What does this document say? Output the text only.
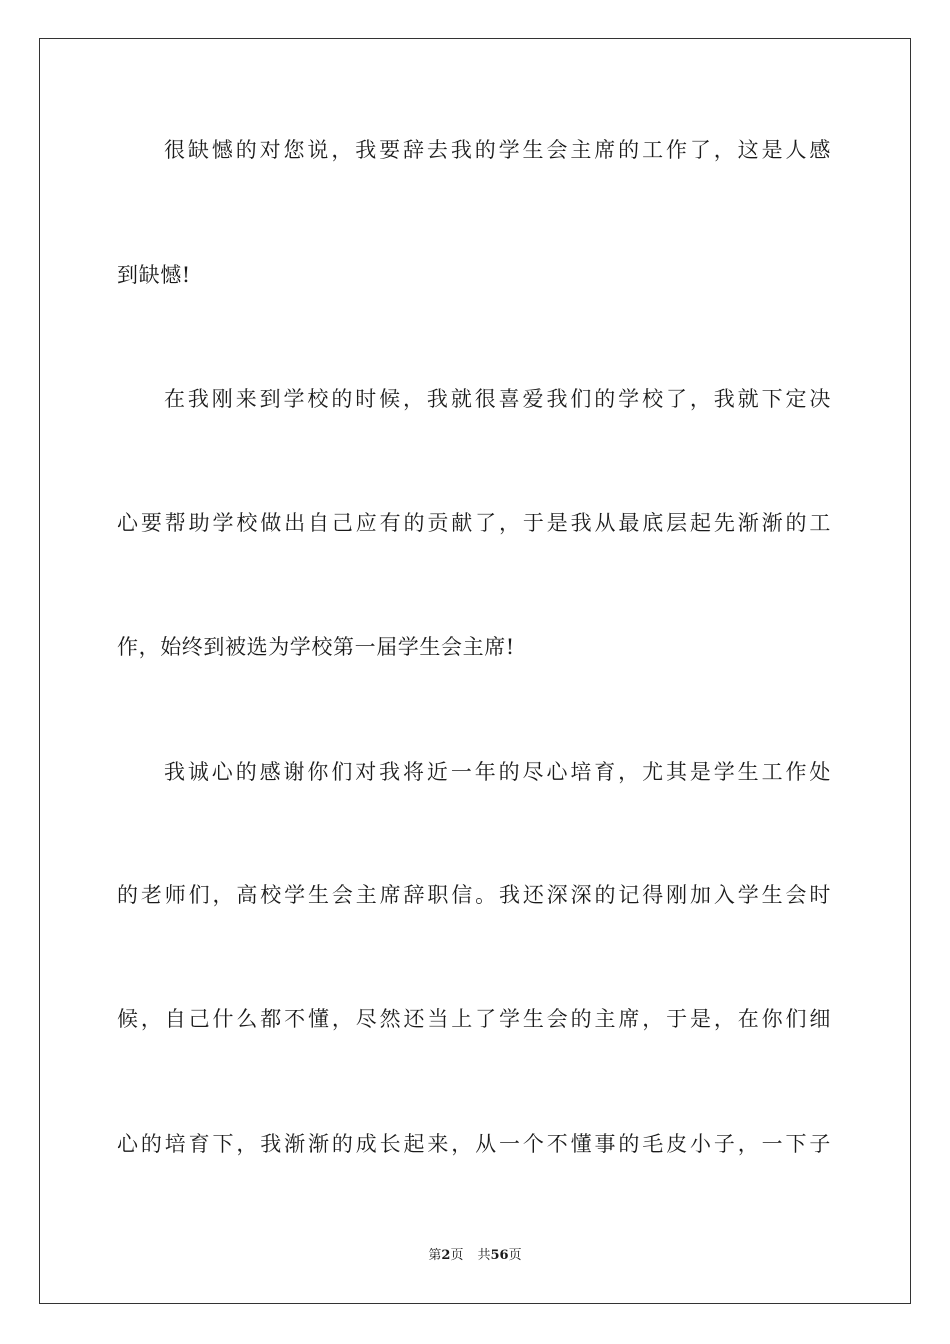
很缺憾的对您说，我要辞去我的学生会主席的工作了，这是人感
到缺憾!
在我刚来到学校的时候，我就很喜爱我们的学校了，我就下定决
心要帮助学校做出自己应有的贡献了，于是我从最底层起先渐渐的工
作，始终到被选为学校第一届学生会主席!
我诚心的感谢你们对我将近一年的尽心培育，尤其是学生工作处
的老师们，高校学生会主席辞职信。我还深深的记得刚加入学生会时
候，自己什么都不懂，尽然还当上了学生会的主席，于是，在你们细
心的培育下，我渐渐的成长起来，从一个不懂事的毛皮小子，一下子
第2页 共56页
